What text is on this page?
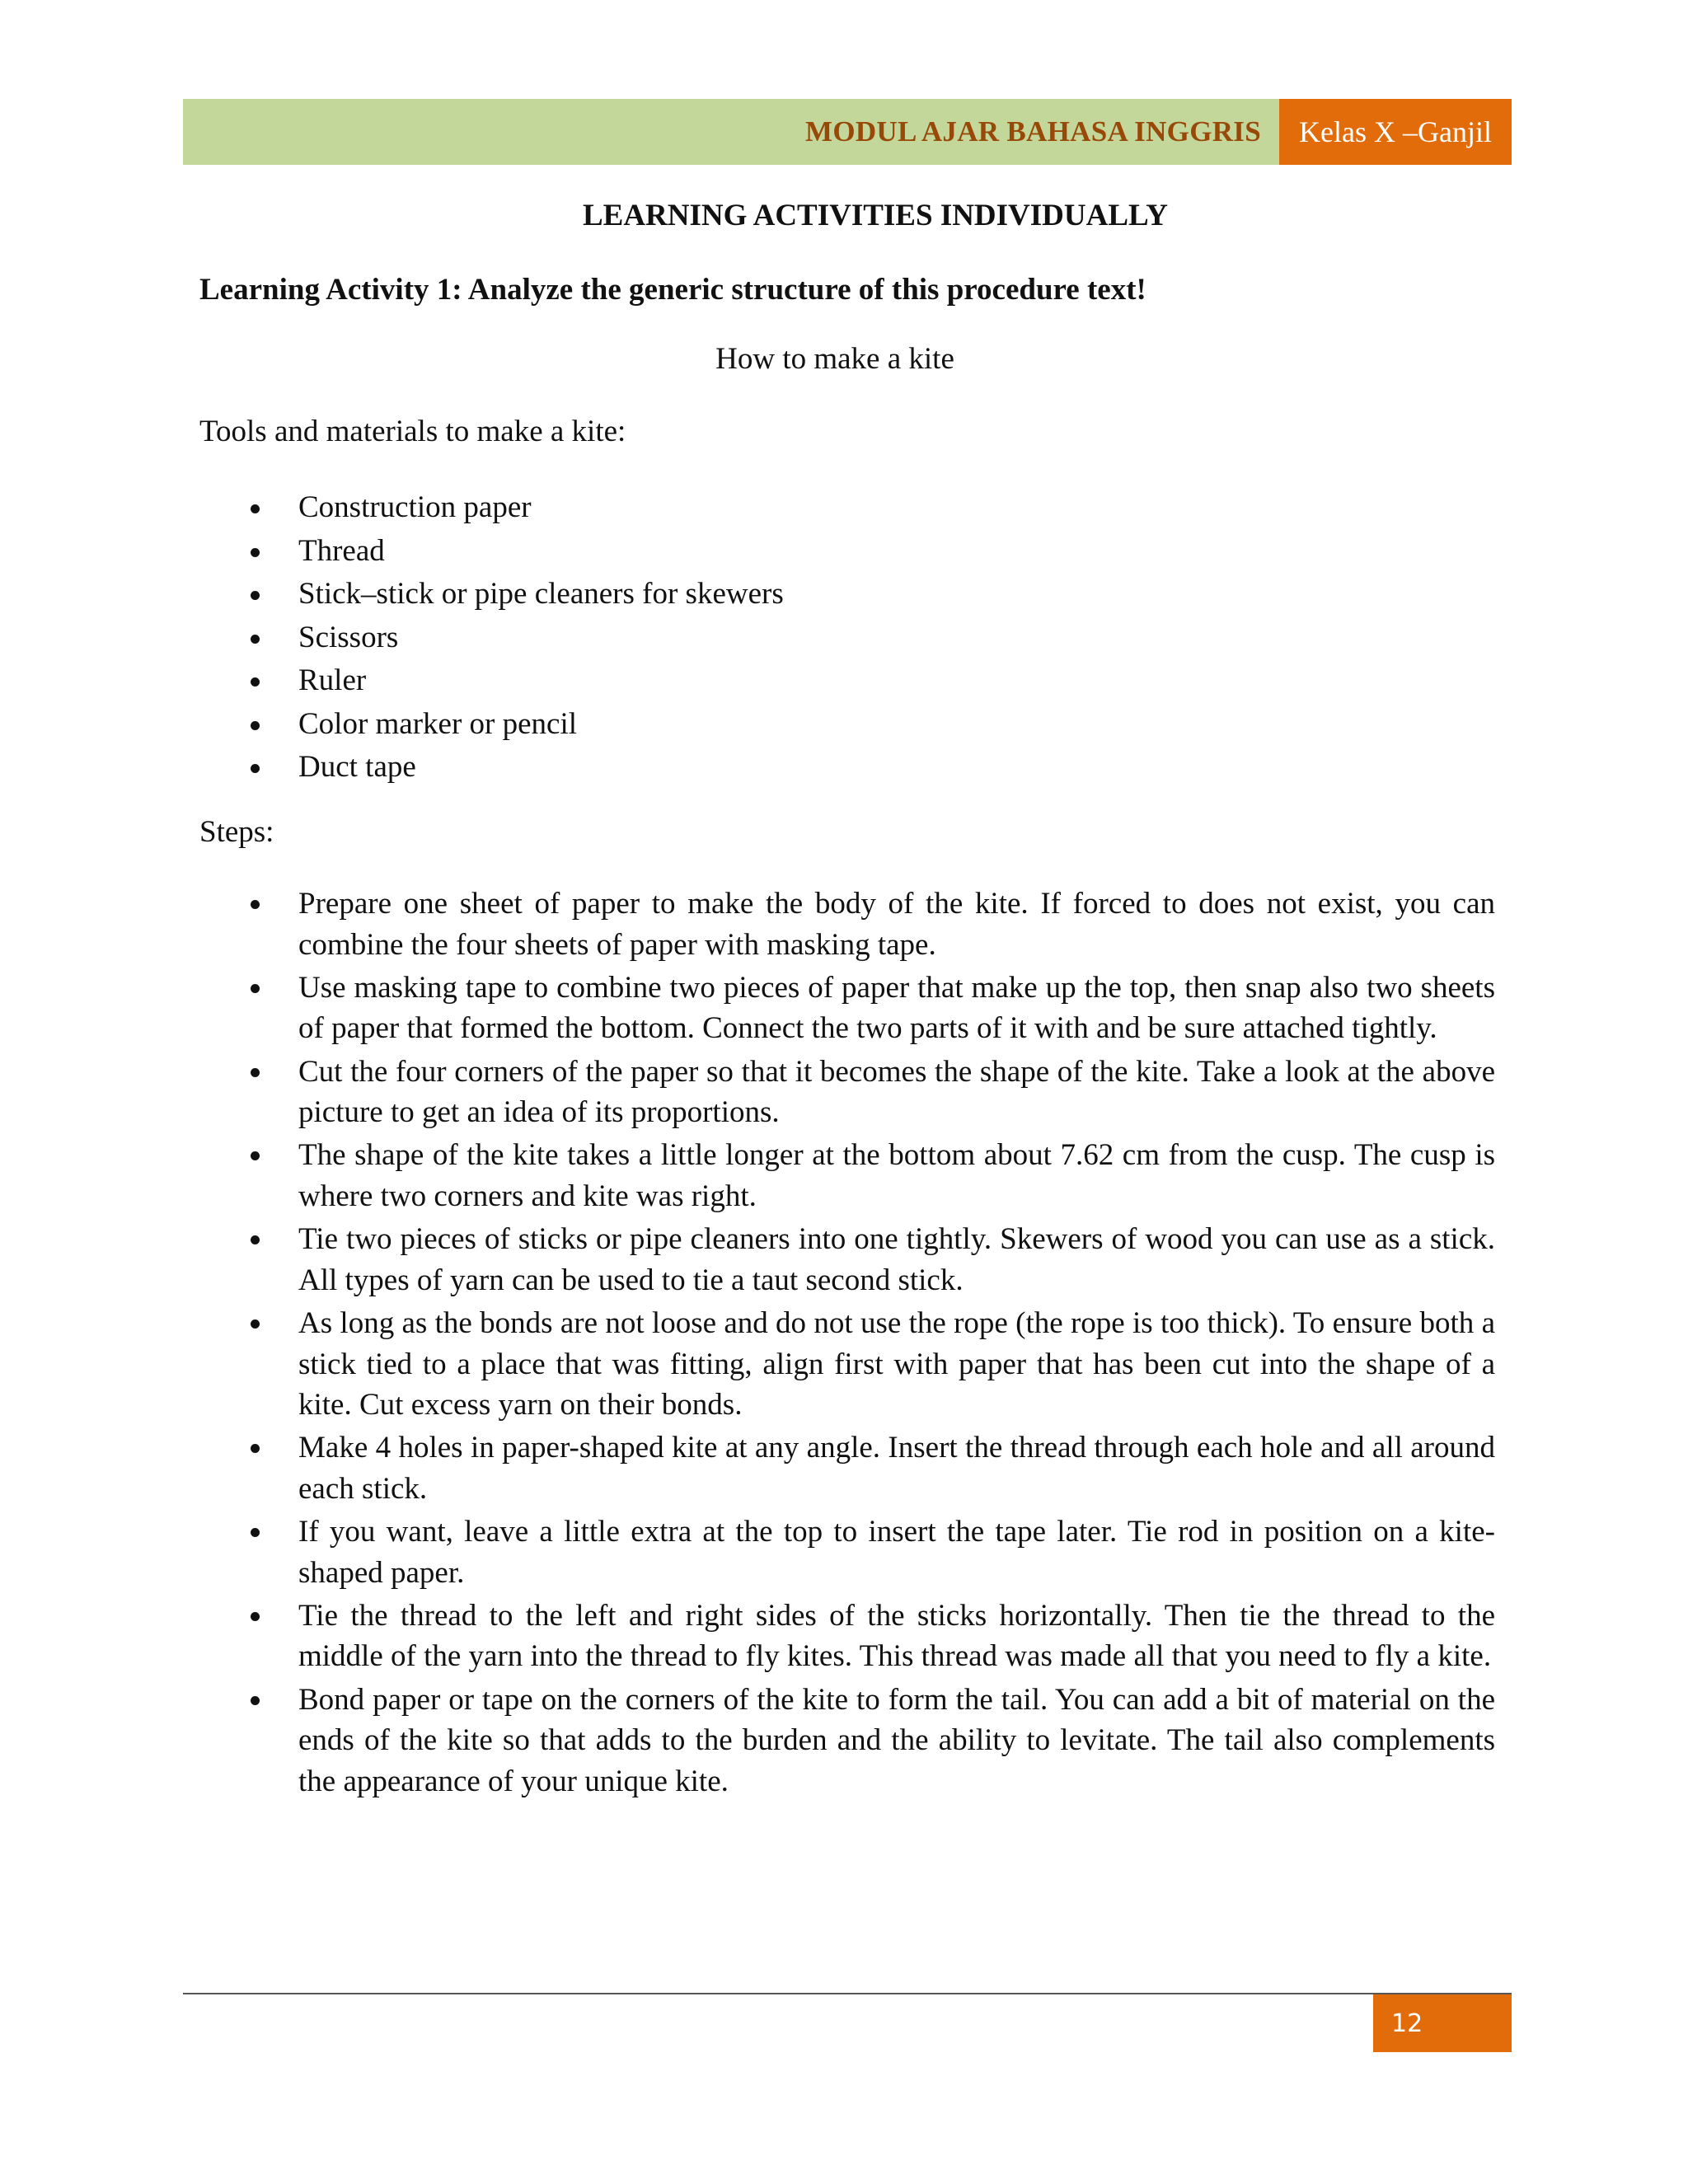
MODUL AJAR BAHASA INGGRIS	Kelas X –Ganjil
LEARNING ACTIVITIES INDIVIDUALLY
Learning Activity 1: Analyze the generic structure of this procedure text!
How to make a kite
Tools and materials to make a kite:
Construction paper
Thread
Stick–stick or pipe cleaners for skewers
Scissors
Ruler
Color marker or pencil
Duct tape
Steps:
Prepare one sheet of paper to make the body of the kite. If forced to does not exist, you can combine the four sheets of paper with masking tape.
Use masking tape to combine two pieces of paper that make up the top, then snap also two sheets of paper that formed the bottom. Connect the two parts of it with and be sure attached tightly.
Cut the four corners of the paper so that it becomes the shape of the kite. Take a look at the above picture to get an idea of its proportions.
The shape of the kite takes a little longer at the bottom about 7.62 cm from the cusp. The cusp is where two corners and kite was right.
Tie two pieces of sticks or pipe cleaners into one tightly. Skewers of wood you can use as a stick. All types of yarn can be used to tie a taut second stick.
As long as the bonds are not loose and do not use the rope (the rope is too thick). To ensure both a stick tied to a place that was fitting, align first with paper that has been cut into the shape of a kite. Cut excess yarn on their bonds.
Make 4 holes in paper-shaped kite at any angle. Insert the thread through each hole and all around each stick.
If you want, leave a little extra at the top to insert the tape later. Tie rod in position on a kite-shaped paper.
Tie the thread to the left and right sides of the sticks horizontally. Then tie the thread to the middle of the yarn into the thread to fly kites. This thread was made all that you need to fly a kite.
Bond paper or tape on the corners of the kite to form the tail. You can add a bit of material on the ends of the kite so that adds to the burden and the ability to levitate. The tail also complements the appearance of your unique kite.
12
